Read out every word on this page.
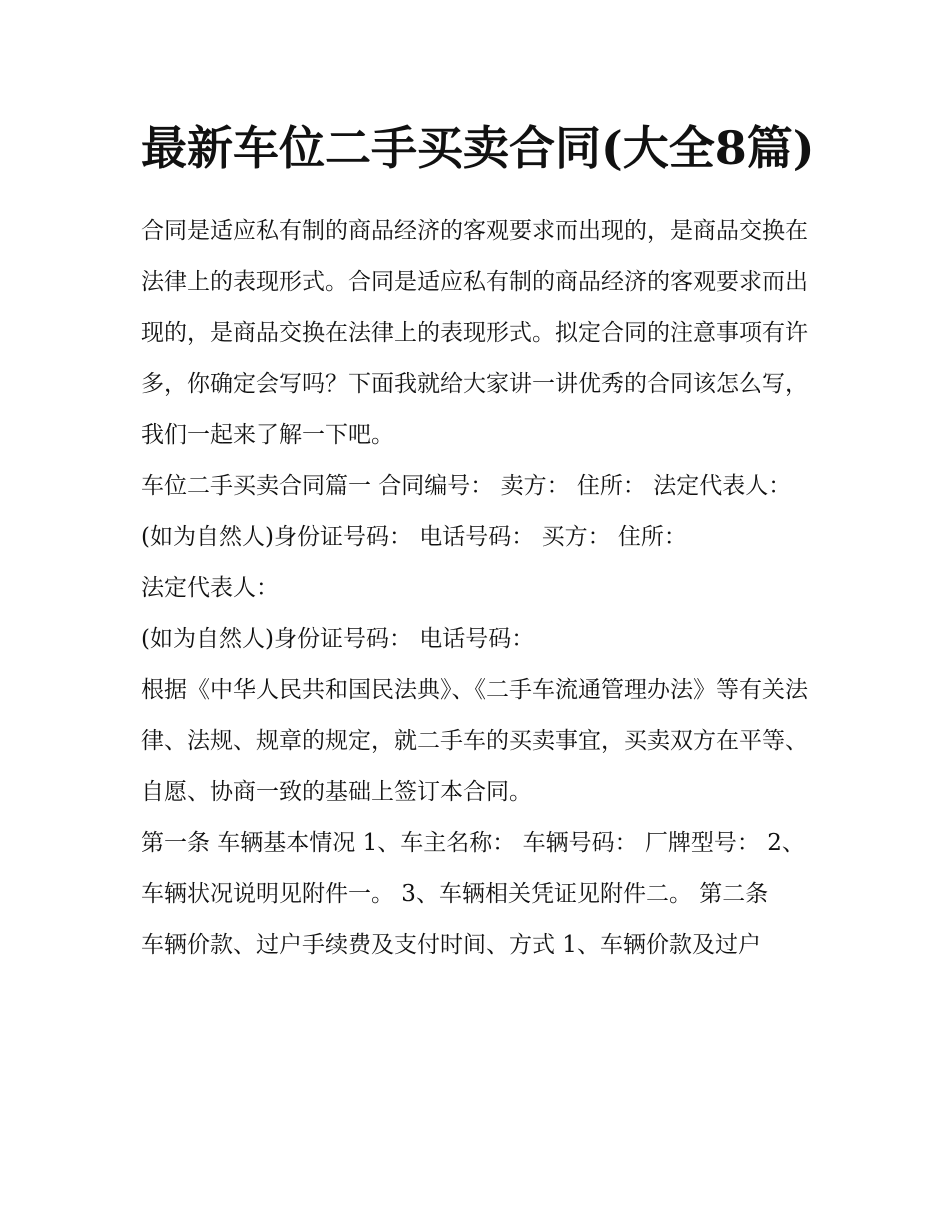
最新车位二手买卖合同(大全8篇)

合同是适应私有制的商品经济的客观要求而出现的，是商品交换在法律上的表现形式。合同是适应私有制的商品经济的客观要求而出现的，是商品交换在法律上的表现形式。拟定合同的注意事项有许多，你确定会写吗？下面我就给大家讲一讲优秀的合同该怎么写，我们一起来了解一下吧。

车位二手买卖合同篇一 合同编号： 卖方： 住所： 法定代表人： (如为自然人)身份证号码： 电话号码： 买方： 住所：

法定代表人：

(如为自然人)身份证号码： 电话号码：

根据《中华人民共和国民法典》、《二手车流通管理办法》等有关法律、法规、规章的规定，就二手车的买卖事宜，买卖双方在平等、自愿、协商一致的基础上签订本合同。

第一条 车辆基本情况 1、车主名称： 车辆号码： 厂牌型号： 2、车辆状况说明见附件一。 3、车辆相关凭证见附件二。 第二条

车辆价款、过户手续费及支付时间、方式 1、车辆价款及过户
